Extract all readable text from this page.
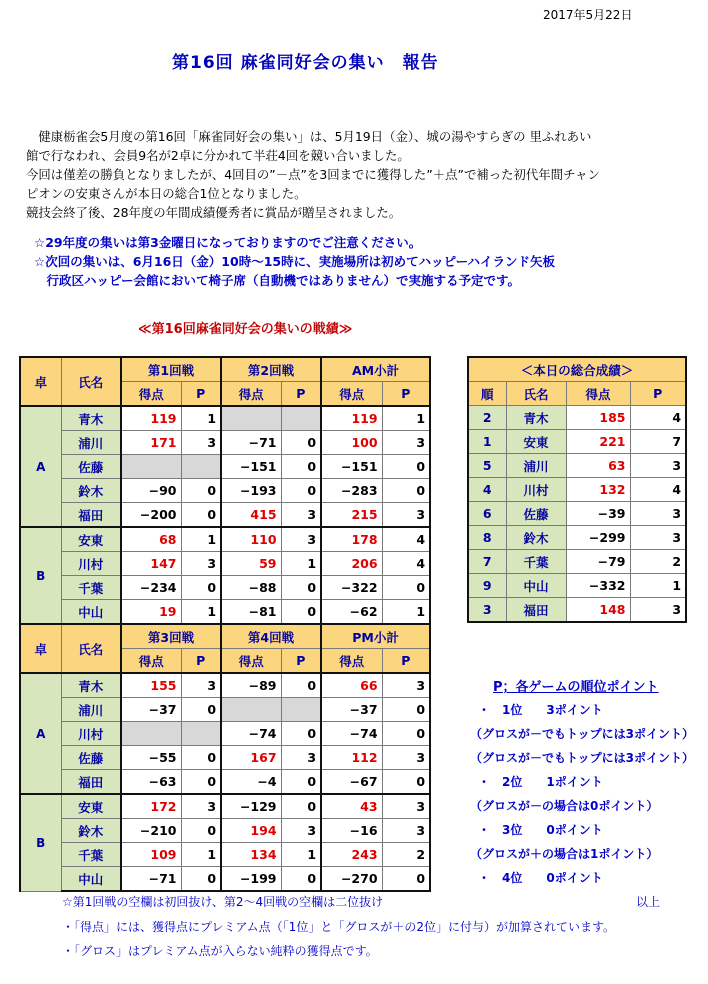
2017年5月22日
第16回 麻雀同好会の集い　報告
　健康栃雀会5月度の第16回「麻雀同好会の集い」は、5月19日（金）、城の湯やすらぎの 里ふれあい
館で行なわれ、会員9名が2卓に分かれて半荘4回を競い合いました。
今回は僅差の勝負となりましたが、4回目の”－点”を3回までに獲得した”＋点”で補った初代年間チャン
ピオンの安東さんが本日の総合1位となりました。
競技会終了後、28年度の年間成績優秀者に賞品が贈呈されました。
☆29年度の集いは第3金曜日になっておりますのでご注意ください。
☆次回の集いは、6月16日（金）10時～15時に、実施場所は初めてハッピーハイランド矢板
　行政区ハッピー会館において椅子席（自動機ではありません）で実施する予定です。
≪第16回麻雀同好会の集いの戦績≫
卓	氏名	第1回戦		第2回戦		AM小計	
		得点	P	得点	P	得点	P
A	青木	119	1			119	1
	浦川	171	3	−71	0	100	3
	佐藤			−151	0	−151	0
	鈴木	−90	0	−193	0	−283	0
	福田	−200	0	415	3	215	3
B	安東	68	1	110	3	178	4
	川村	147	3	59	1	206	4
	千葉	−234	0	−88	0	−322	0
	中山	19	1	−81	0	−62	1
卓	氏名	第3回戦		第4回戦		PM小計	
		得点	P	得点	P	得点	P
A	青木	155	3	−89	0	66	3
	浦川	−37	0			−37	0
	川村			−74	0	−74	0
	佐藤	−55	0	167	3	112	3
	福田	−63	0	−4	0	−67	0
B	安東	172	3	−129	0	43	3
	鈴木	−210	0	194	3	−16	3
	千葉	109	1	134	1	243	2
	中山	−71	0	−199	0	−270	0
＜本日の総合成績＞			
順	氏名	得点	P
2	青木	185	4
1	安東	221	7
5	浦川	63	3
4	川村	132	4
6	佐藤	−39	3
8	鈴木	−299	3
7	千葉	−79	2
9	中山	−332	1
3	福田	148	3
P；各ゲームの順位ポイント
・　1位　　3ポイント
（グロスが－でもトップには3ポイント）
（グロスが－でもトップには3ポイント）
・　2位　　1ポイント
（グロスが－の場合は0ポイント）
・　3位　　0ポイント
（グロスが＋の場合は1ポイント）
・　4位　　0ポイント
☆第1回戦の空欄は初回抜け、第2～4回戦の空欄は二位抜け	以上
・「得点」には、獲得点にプレミアム点（「1位」と「グロスが＋の2位」に付与）が加算されています。
・「グロス」はプレミアム点が入らない純粋の獲得点です。
